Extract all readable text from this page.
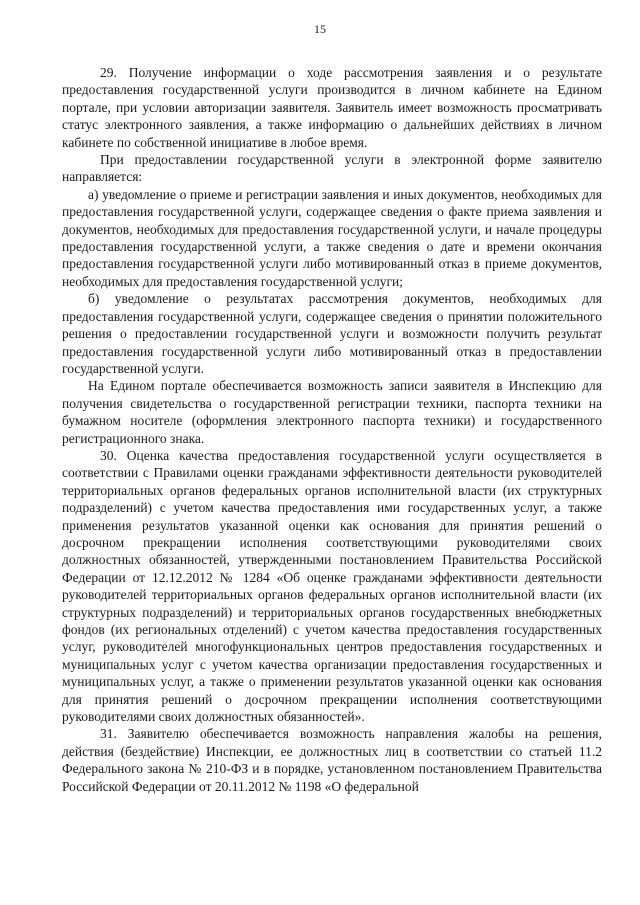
15

29. Получение информации о ходе рассмотрения заявления и о результате предоставления государственной услуги производится в личном кабинете на Едином портале, при условии авторизации заявителя. Заявитель имеет возможность просматривать статус электронного заявления, а также информацию о дальнейших действиях в личном кабинете по собственной инициативе в любое время.

При предоставлении государственной услуги в электронной форме заявителю направляется:

а) уведомление о приеме и регистрации заявления и иных документов, необходимых для предоставления государственной услуги, содержащее сведения о факте приема заявления и документов, необходимых для предоставления государственной услуги, и начале процедуры предоставления государственной услуги, а также сведения о дате и времени окончания предоставления государственной услуги либо мотивированный отказ в приеме документов, необходимых для предоставления государственной услуги;

б) уведомление о результатах рассмотрения документов, необходимых для предоставления государственной услуги, содержащее сведения о принятии положительного решения о предоставлении государственной услуги и возможности получить результат предоставления государственной услуги либо мотивированный отказ в предоставлении государственной услуги.

На Едином портале обеспечивается возможность записи заявителя в Инспекцию для получения свидетельства о государственной регистрации техники, паспорта техники на бумажном носителе (оформления электронного паспорта техники) и государственного регистрационного знака.

30. Оценка качества предоставления государственной услуги осуществляется в соответствии с Правилами оценки гражданами эффективности деятельности руководителей территориальных органов федеральных органов исполнительной власти (их структурных подразделений) с учетом качества предоставления ими государственных услуг, а также применения результатов указанной оценки как основания для принятия решений о досрочном прекращении исполнения соответствующими руководителями своих должностных обязанностей, утвержденными постановлением Правительства Российской Федерации от 12.12.2012 № 1284 «Об оценке гражданами эффективности деятельности руководителей территориальных органов федеральных органов исполнительной власти (их структурных подразделений) и территориальных органов государственных внебюджетных фондов (их региональных отделений) с учетом качества предоставления государственных услуг, руководителей многофункциональных центров предоставления государственных и муниципальных услуг с учетом качества организации предоставления государственных и муниципальных услуг, а также о применении результатов указанной оценки как основания для принятия решений о досрочном прекращении исполнения соответствующими руководителями своих должностных обязанностей».

31. Заявителю обеспечивается возможность направления жалобы на решения, действия (бездействие) Инспекции, ее должностных лиц в соответствии со статьей 11.2 Федерального закона № 210-ФЗ и в порядке, установленном постановлением Правительства Российской Федерации от 20.11.2012 № 1198 «О федеральной
